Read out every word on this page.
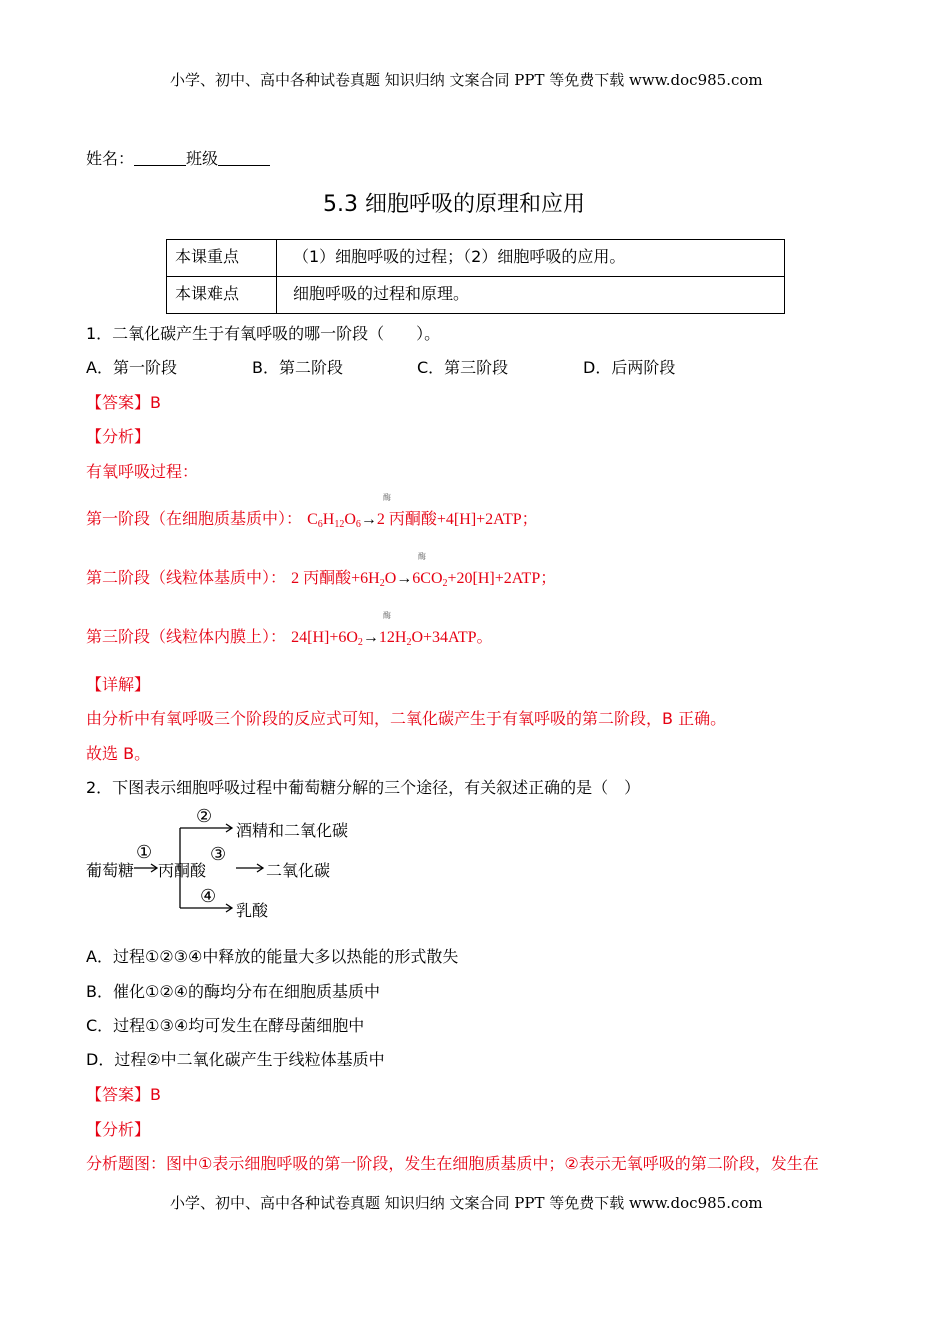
小学、初中、高中各种试卷真题 知识归纳 文案合同 PPT 等免费下载 www.doc985.com
姓名：	班级
5.3 细胞呼吸的原理和应用
本课重点	（1）细胞呼吸的过程；（2）细胞呼吸的应用。
本课难点	细胞呼吸的过程和原理。
1．二氧化碳产生于有氧呼吸的哪一阶段（　　）。
A．第一阶段	B．第二阶段	C．第三阶段	D．后两阶段
【答案】B
【分析】
有氧呼吸过程：
第一阶段（在细胞质基质中）： $C_6H_{12}O_6\to 2$ 丙酮酸+4[H]+2ATP；
酶
第二阶段（线粒体基质中）： 2 丙酮酸$+6H_2O\to 6CO_2+20[H]+2ATP$；
酶
第三阶段（线粒体内膜上）： $24[H]+6O_2\to 12H_2O+34ATP$。
酶
【详解】
由分析中有氧呼吸三个阶段的反应式可知，二氧化碳产生于有氧呼吸的第二阶段，B 正确。
故选 B。
2．下图表示细胞呼吸过程中葡萄糖分解的三个途径，有关叙述正确的是（　）
葡萄糖 丙酮酸
①
②
③
④
酒精和二氧化碳
二氧化碳
乳酸
A．过程①②③④中释放的能量大多以热能的形式散失
B．催化①②④的酶均分布在细胞质基质中
C．过程①③④均可发生在酵母菌细胞中
D．过程②中二氧化碳产生于线粒体基质中
【答案】B
【分析】
分析题图：图中①表示细胞呼吸的第一阶段，发生在细胞质基质中；②表示无氧呼吸的第二阶段，发生在
小学、初中、高中各种试卷真题 知识归纳 文案合同 PPT 等免费下载 www.doc985.com
